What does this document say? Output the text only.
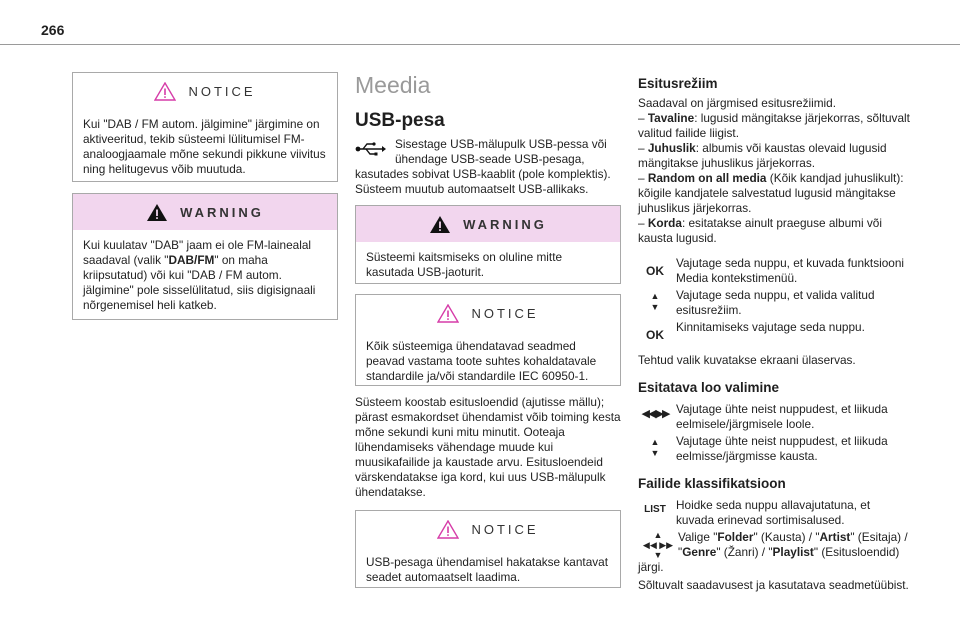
266
NOTICE
Kui "DAB / FM autom. jälgimine" järgimine on aktiveeritud, tekib süsteemi lülitumisel FM-analoogjaamale mõne sekundi pikkune viivitus ning helitugevus võib muutuda.
WARNING
Kui kuulatav "DAB" jaam ei ole FM-lainealal saadaval (valik "DAB/FM" on maha kriipsutatud) või kui "DAB / FM autom. jälgimine" pole sisselülitatud, siis digisignaali nõrgenemisel heli katkeb.
Meedia
USB-pesa
Sisestage USB-mälupulk USB-pessa või ühendage USB-seade USB-pesaga, kasutades sobivat USB-kaablit (pole komplektis). Süsteem muutub automaatselt USB-allikaks.
WARNING
Süsteemi kaitsmiseks on oluline mitte kasutada USB-jaoturit.
NOTICE
Kõik süsteemiga ühendatavad seadmed peavad vastama toote suhtes kohaldatavale standardile ja/või standardile IEC 60950-1.
Süsteem koostab esitusloendid (ajutisse mällu); pärast esmakordset ühendamist võib toiming kesta mõne sekundi kuni mitu minutit. Ooteaja lühendamiseks vähendage muude kui muusikafailide ja kaustade arvu. Esitusloendeid värskendatakse iga kord, kui uus USB-mälupulk ühendatakse.
NOTICE
USB-pesaga ühendamisel hakatakse kantavat seadet automaatselt laadima.
Esitusrežiim
Saadaval on järgmised esitusrežiimid.
– Tavaline: lugusid mängitakse järjekorras, sõltuvalt valitud failide liigist.
– Juhuslik: albumis või kaustas olevaid lugusid mängitakse juhuslikus järjekorras.
– Random on all media (Kõik kandjad juhuslikult): kõigile kandjatele salvestatud lugusid mängitakse juhuslikus järjekorras.
– Korda: esitatakse ainult praeguse albumi või kausta lugusid.
OK
Vajutage seda nuppu, et kuvada funktsiooni Media kontekstimenüü.
▲
▼
Vajutage seda nuppu, et valida valitud esitusrežiim.
OK
Kinnitamiseks vajutage seda nuppu.
Tehtud valik kuvatakse ekraani ülaservas.
Esitatava loo valimine
◀◀ ▶▶ Vajutage ühte neist nuppudest, et liikuda eelmisele/järgmisele loole.
▲
▼
Vajutage ühte neist nuppudest, et liikuda eelmisse/järgmisse kausta.
Failide klassifikatsioon
LIST Hoidke seda nuppu allavajutatuna, et kuvada erinevad sortimisalused.
▲
◀◀ ▶▶
▼
Valige "Folder" (Kausta) / "Artist" (Esitaja) / "Genre" (Žanri) / "Playlist" (Esitusloendid) järgi.
Sõltuvalt saadavusest ja kasutatava seadmetüübist.
